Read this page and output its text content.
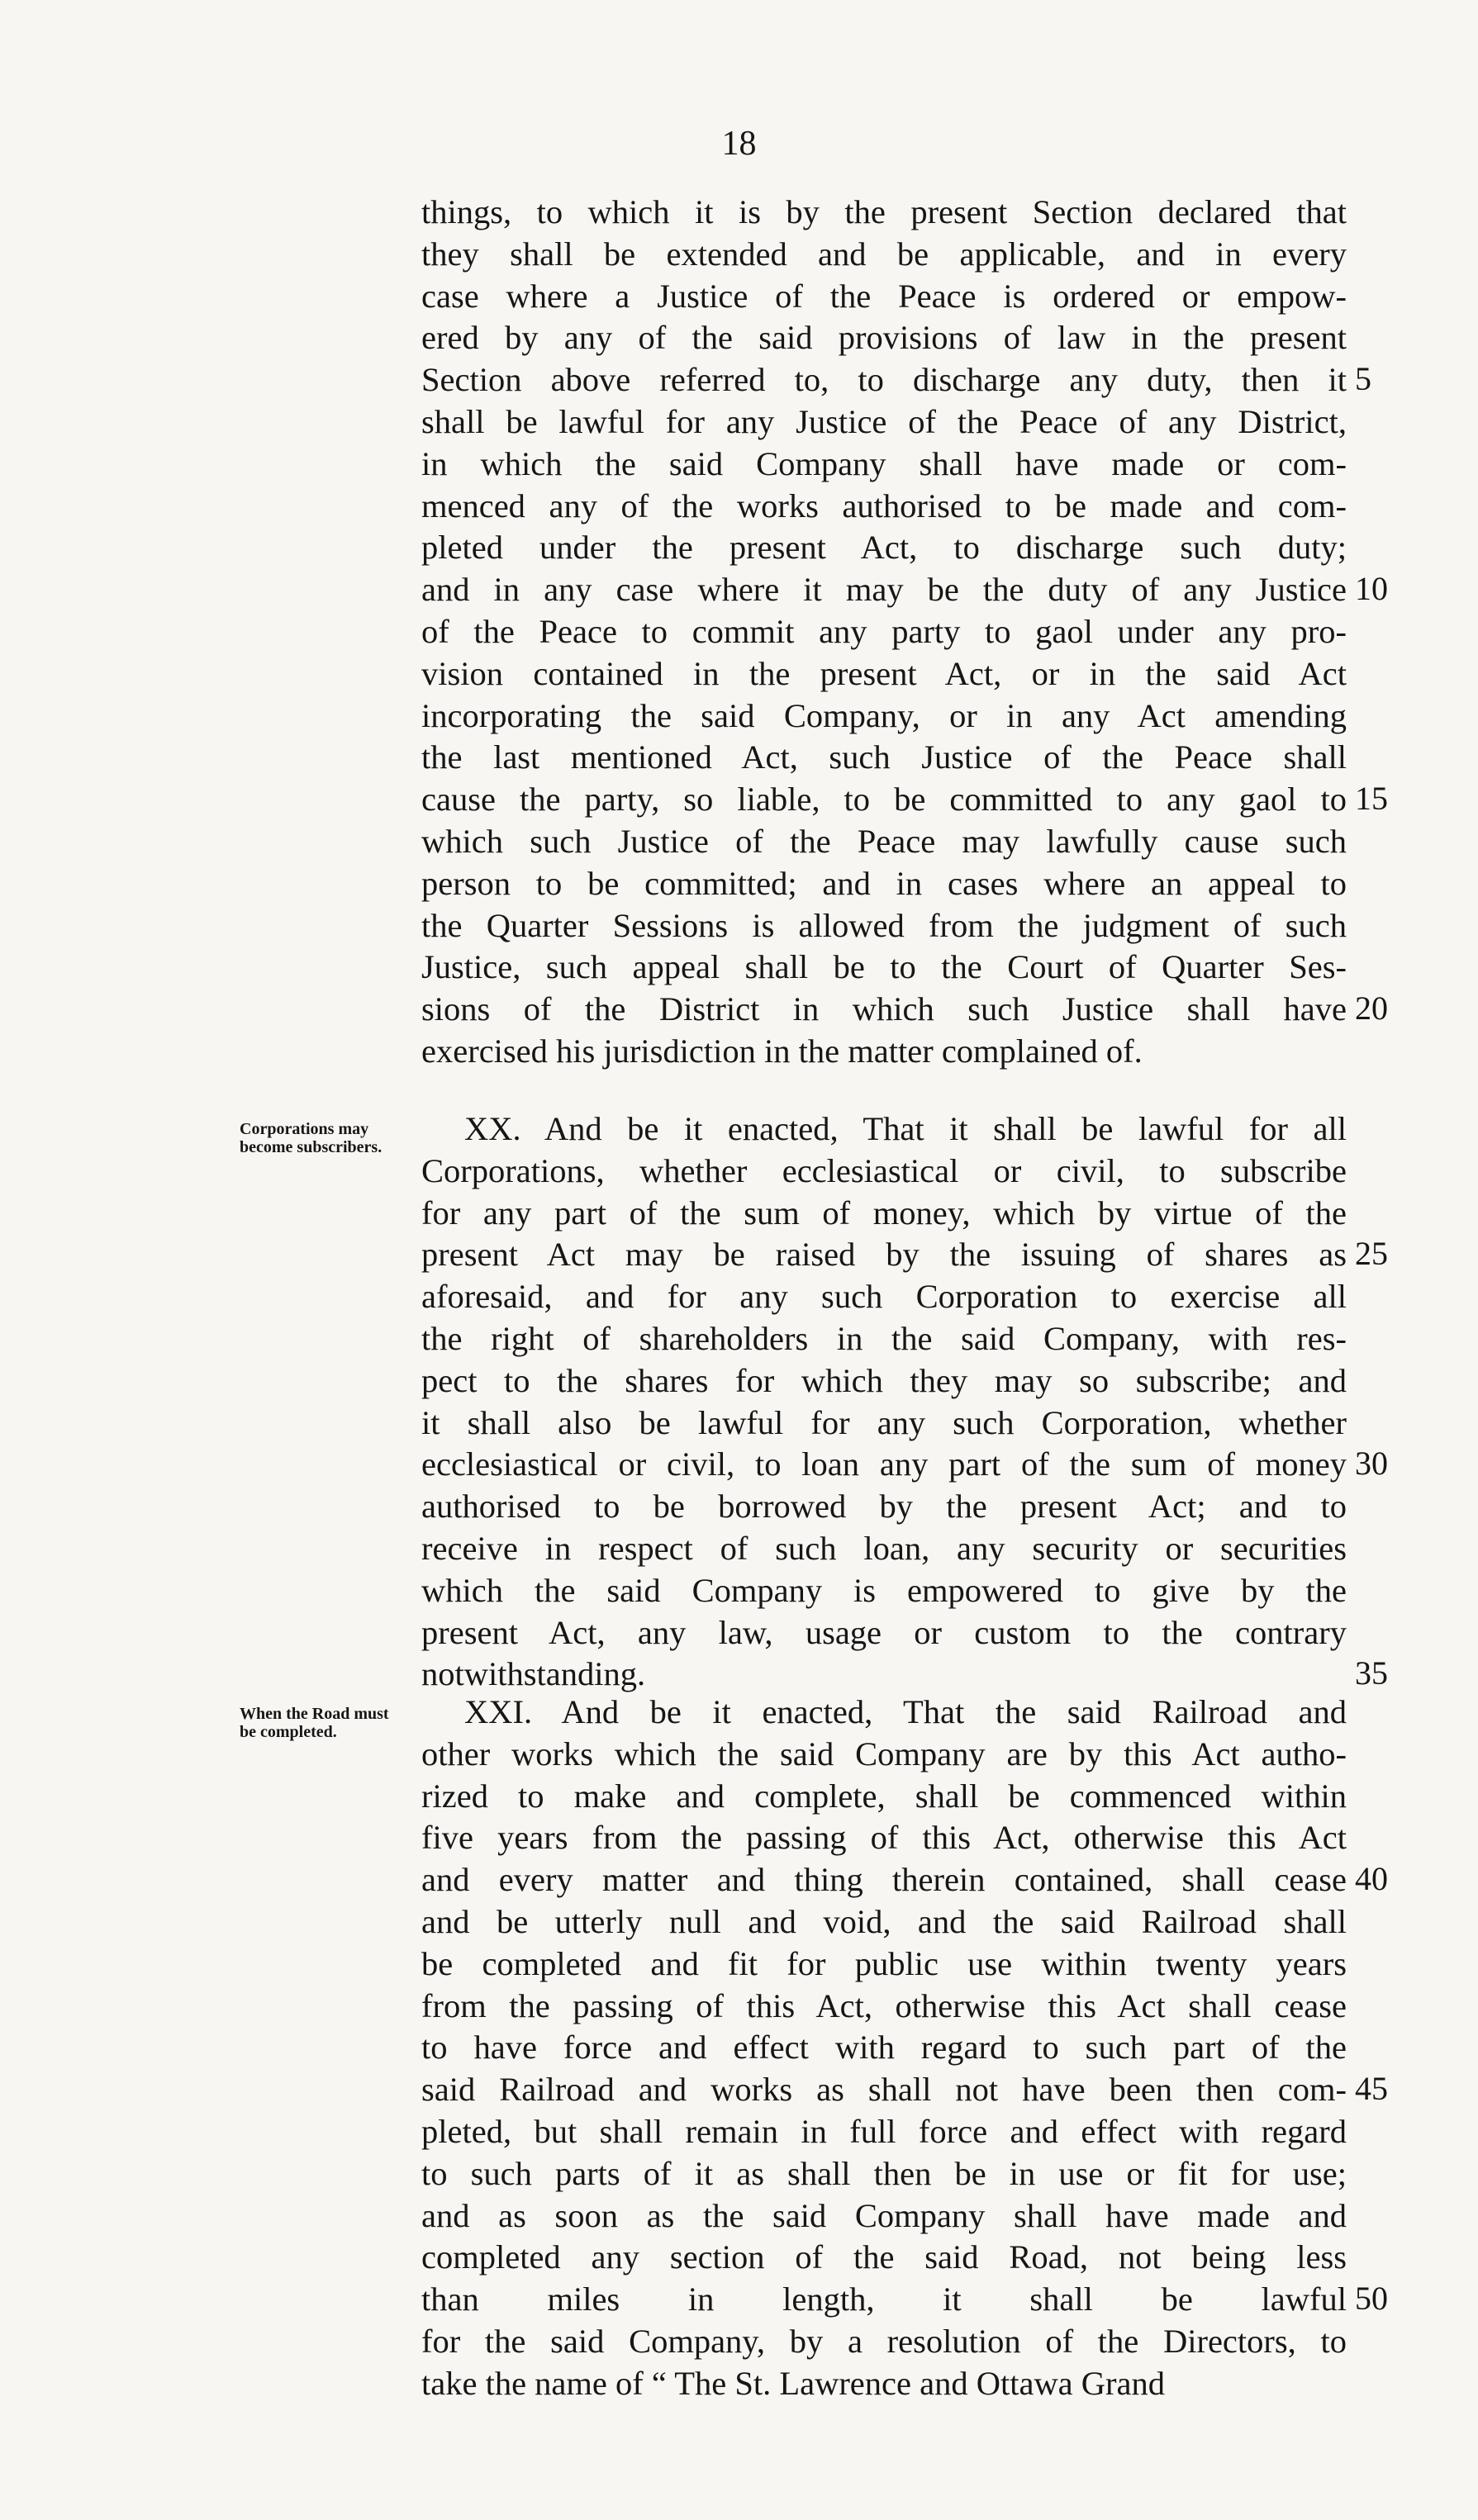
18
things, to which it is by the present Section declared that
they shall be extended and be applicable, and in every
case where a Justice of the Peace is ordered or empow-
ered by any of the said provisions of law in the present
Section above referred to, to discharge any duty, then it
shall be lawful for any Justice of the Peace of any District,
in which the said Company shall have made or com-
menced any of the works authorised to be made and com-
pleted under the present Act, to discharge such duty;
and in any case where it may be the duty of any Justice
of the Peace to commit any party to gaol under any pro-
vision contained in the present Act, or in the said Act
incorporating the said Company, or in any Act amending
the last mentioned Act, such Justice of the Peace shall
cause the party, so liable, to be committed to any gaol to
which such Justice of the Peace may lawfully cause such
person to be committed; and in cases where an appeal to
the Quarter Sessions is allowed from the judgment of such
Justice, such appeal shall be to the Court of Quarter Ses-
sions of the District in which such Justice shall have
exercised his jurisdiction in the matter complained of.
XX. And be it enacted, That it shall be lawful for all
Corporations, whether ecclesiastical or civil, to subscribe
for any part of the sum of money, which by virtue of the
present Act may be raised by the issuing of shares as
aforesaid, and for any such Corporation to exercise all
the right of shareholders in the said Company, with res-
pect to the shares for which they may so subscribe; and
it shall also be lawful for any such Corporation, whether
ecclesiastical or civil, to loan any part of the sum of money
authorised to be borrowed by the present Act; and to
receive in respect of such loan, any security or securities
which the said Company is empowered to give by the
present Act, any law, usage or custom to the contrary
notwithstanding.
XXI. And be it enacted, That the said Railroad and
other works which the said Company are by this Act autho-
rized to make and complete, shall be commenced within
five years from the passing of this Act, otherwise this Act
and every matter and thing therein contained, shall cease
and be utterly null and void, and the said Railroad shall
be completed and fit for public use within twenty years
from the passing of this Act, otherwise this Act shall cease
to have force and effect with regard to such part of the
said Railroad and works as shall not have been then com-
pleted, but shall remain in full force and effect with regard
to such parts of it as shall then be in use or fit for use;
and as soon as the said Company shall have made and
completed any section of the said Road, not being less
than miles in length, it shall be lawful
for the said Company, by a resolution of the Directors, to
take the name of “ The St. Lawrence and Ottawa Grand
Corporations may become subscribers.
When the Road must be completed.
5
10
15
20
25
30
35
40
45
50
